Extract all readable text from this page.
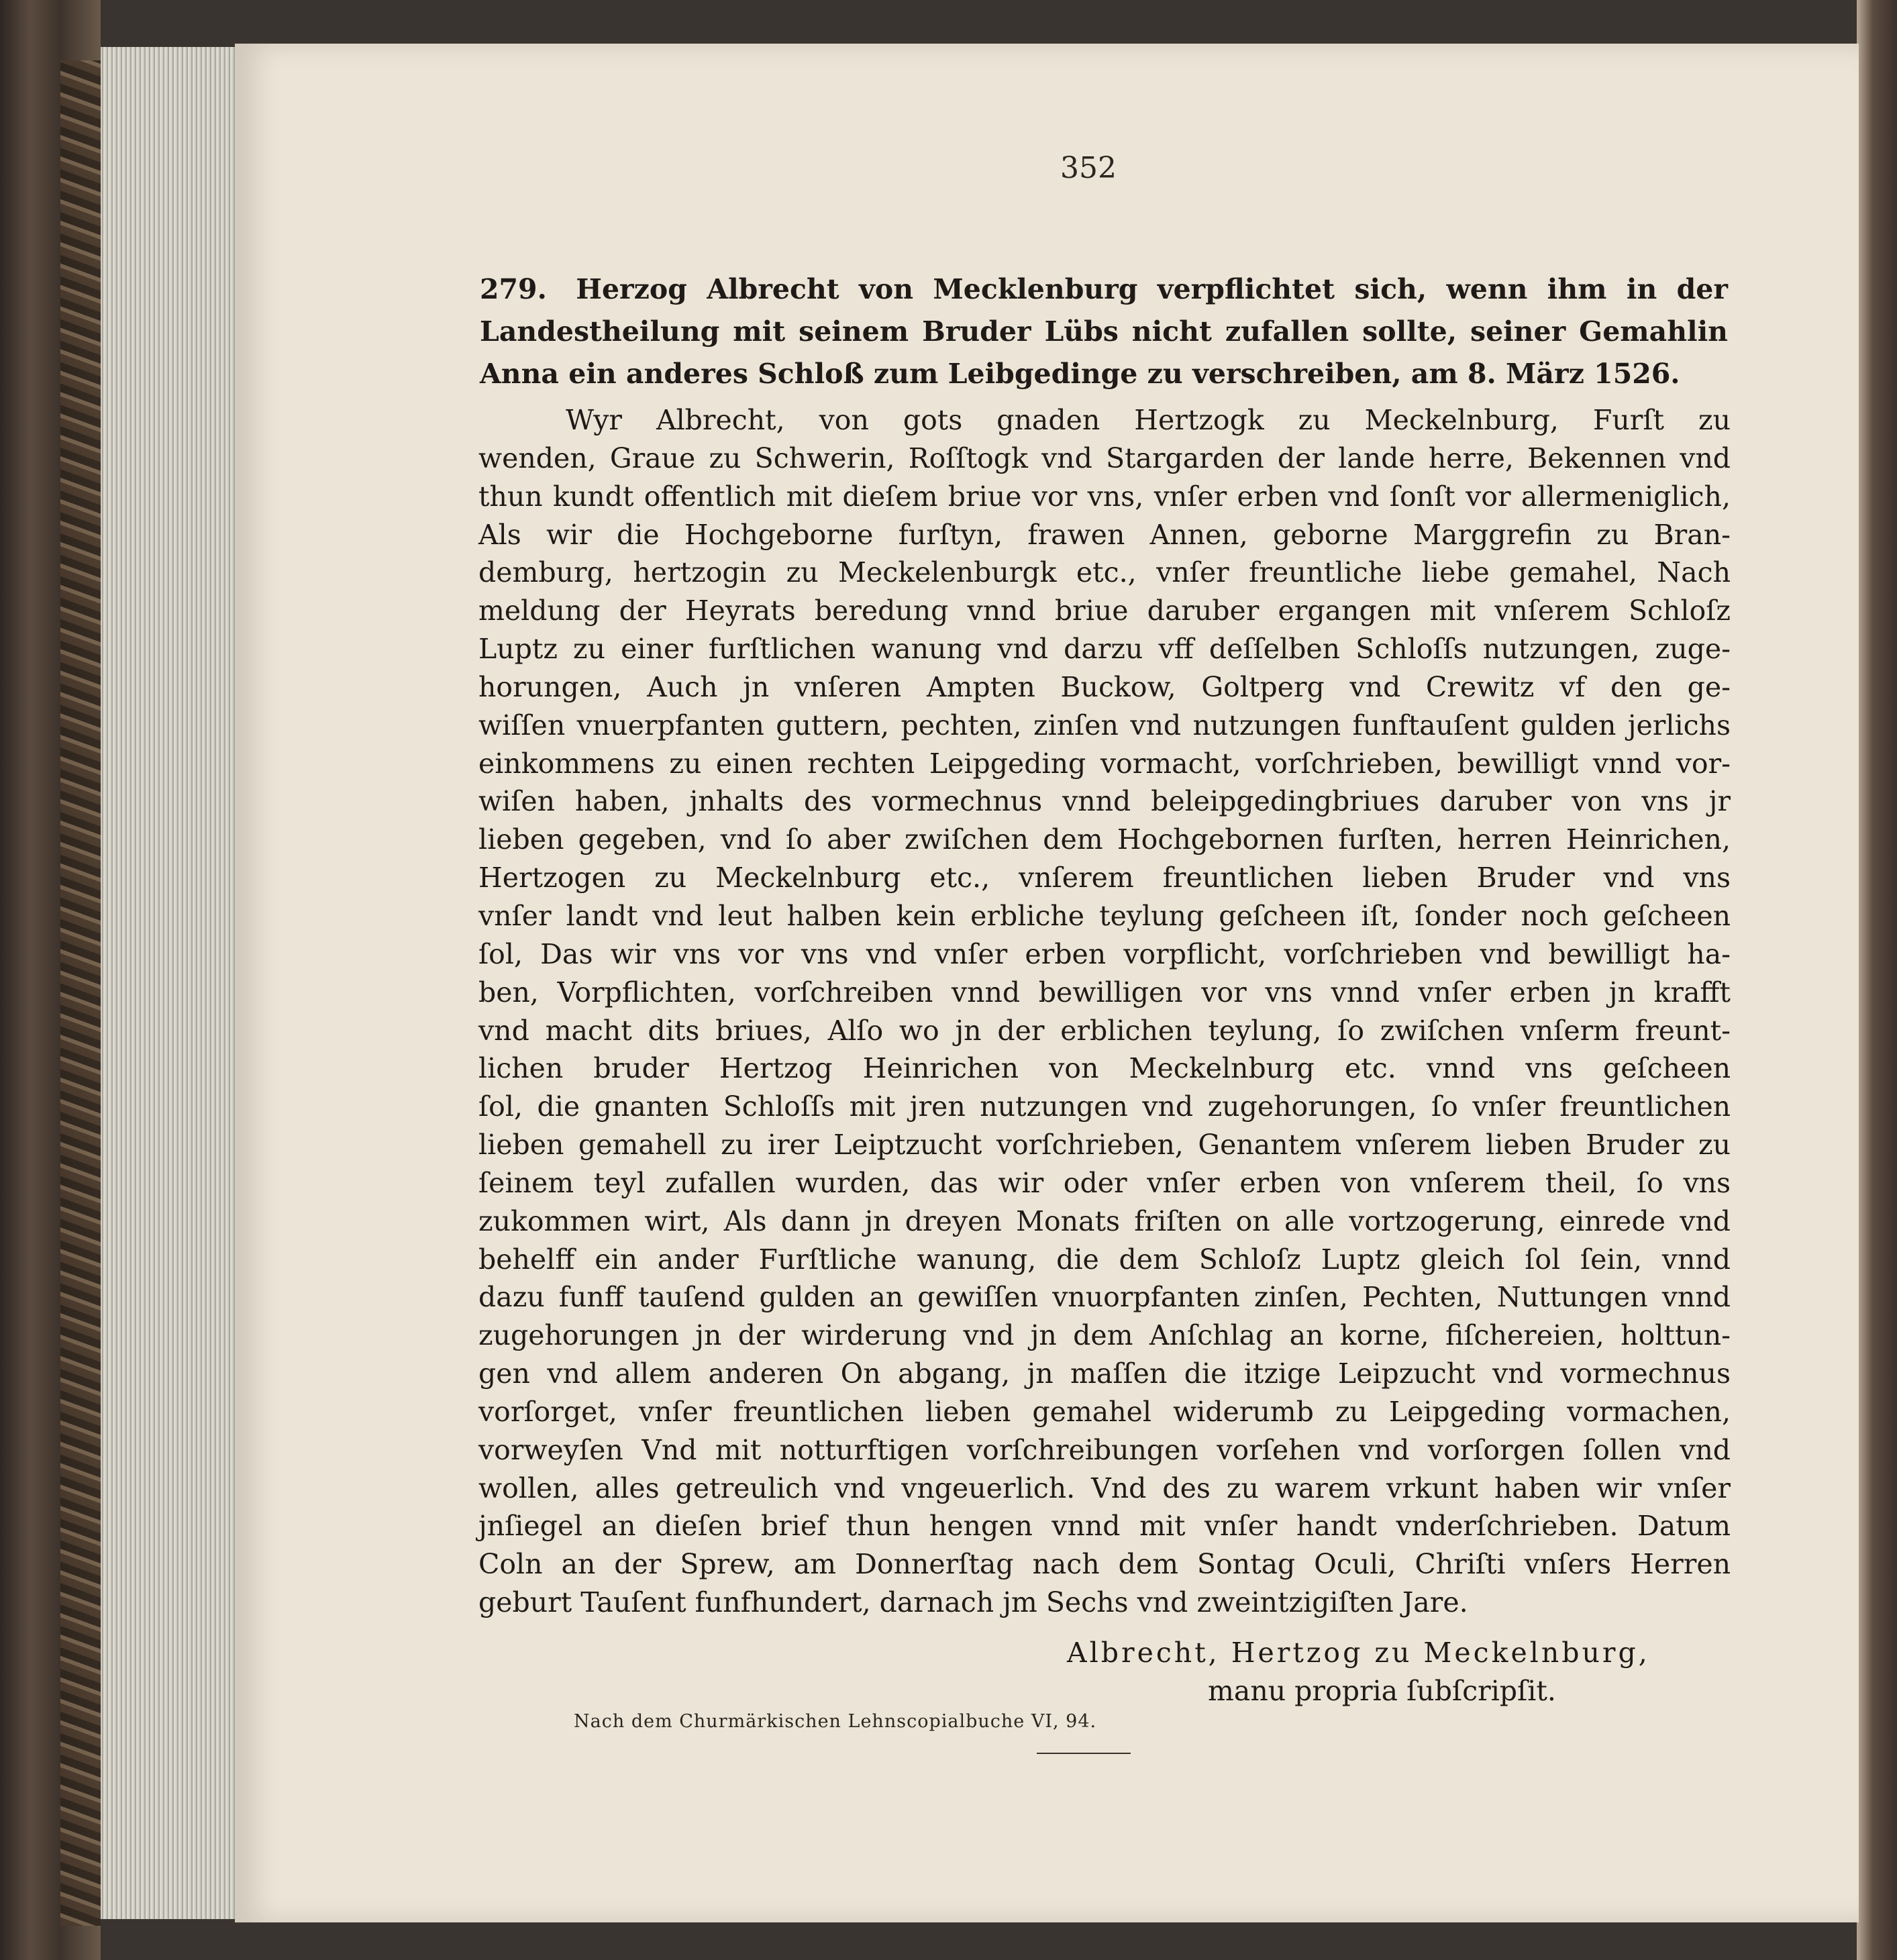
352
279. Herzog Albrecht von Mecklenburg verpflichtet sich, wenn ihm in der Landestheilung mit seinem Bruder Lübs nicht zufallen sollte, seiner Gemahlin Anna ein anderes Schloß zum Leibgedinge zu verschreiben, am 8. März 1526.
Wyr Albrecht, von gots gnaden Hertzogk zu Meckelnburg, Furſt zu
wenden, Graue zu Schwerin, Roſſtogk vnd Stargarden der lande herre, Bekennen vnd
thun kundt offentlich mit dieſem briue vor vns, vnſer erben vnd ſonſt vor allermeniglich,
Als wir die Hochgeborne furſtyn, frawen Annen, geborne Marggrefin zu Bran-
demburg, hertzogin zu Meckelenburgk etc., vnſer freuntliche liebe gemahel, Nach
meldung der Heyrats beredung vnnd briue daruber ergangen mit vnſerem Schloſz
Luptz zu einer furſtlichen wanung vnd darzu vff deſſelben Schloſſs nutzungen, zuge-
horungen, Auch jn vnſeren Ampten Buckow, Goltperg vnd Crewitz vf den ge-
wiſſen vnuerpfanten guttern, pechten, zinſen vnd nutzungen funftauſent gulden jerlichs
einkommens zu einen rechten Leipgeding vormacht, vorſchrieben, bewilligt vnnd vor-
wiſen haben, jnhalts des vormechnus vnnd beleipgedingbriues daruber von vns jr
lieben gegeben, vnd ſo aber zwiſchen dem Hochgebornen furſten, herren Heinrichen,
Hertzogen zu Meckelnburg etc., vnſerem freuntlichen lieben Bruder vnd vns
vnſer landt vnd leut halben kein erbliche teylung geſcheen iſt, ſonder noch geſcheen
ſol, Das wir vns vor vns vnd vnſer erben vorpflicht, vorſchrieben vnd bewilligt ha-
ben, Vorpflichten, vorſchreiben vnnd bewilligen vor vns vnnd vnſer erben jn krafft
vnd macht dits briues, Alſo wo jn der erblichen teylung, ſo zwiſchen vnſerm freunt-
lichen bruder Hertzog Heinrichen von Meckelnburg etc. vnnd vns geſcheen
ſol, die gnanten Schloſſs mit jren nutzungen vnd zugehorungen, ſo vnſer freuntlichen
lieben gemahell zu irer Leiptzucht vorſchrieben, Genantem vnſerem lieben Bruder zu
ſeinem teyl zufallen wurden, das wir oder vnſer erben von vnſerem theil, ſo vns
zukommen wirt, Als dann jn dreyen Monats friſten on alle vortzogerung, einrede vnd
behelff ein ander Furſtliche wanung, die dem Schloſz Luptz gleich ſol ſein, vnnd
dazu funff tauſend gulden an gewiſſen vnuorpfanten zinſen, Pechten, Nuttungen vnnd
zugehorungen jn der wirderung vnd jn dem Anſchlag an korne, fiſchereien, holttun-
gen vnd allem anderen On abgang, jn maſſen die itzige Leipzucht vnd vormechnus
vorſorget, vnſer freuntlichen lieben gemahel widerumb zu Leipgeding vormachen,
vorweyſen Vnd mit notturftigen vorſchreibungen vorſehen vnd vorſorgen ſollen vnd
wollen, alles getreulich vnd vngeuerlich. Vnd des zu warem vrkunt haben wir vnſer
jnſiegel an dieſen brief thun hengen vnnd mit vnſer handt vnderſchrieben. Datum
Coln an der Sprew, am Donnerſtag nach dem Sontag Oculi, Chriſti vnſers Herren
geburt Tauſent funfhundert, darnach jm Sechs vnd zweintzigiſten Jare.
Albrecht, Hertzog zu Meckelnburg,
manu propria ſubſcripſit.
Nach dem Churmärkischen Lehnscopialbuche VI, 94.
